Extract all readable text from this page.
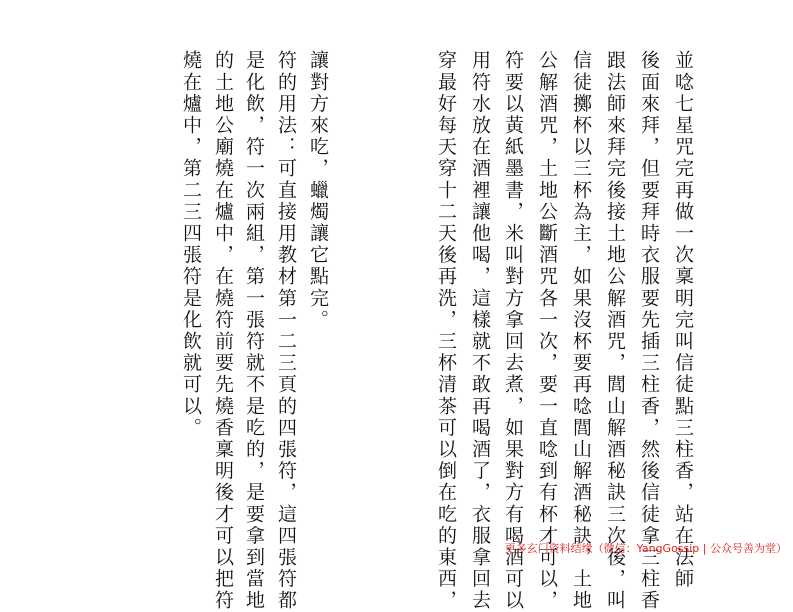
並唸七星咒完再做一次稟明完叫信徒點三柱香，站在法師
後面來拜，但要拜時衣服要先插三柱香，然後信徒拿三柱香
跟法師來拜完後接土地公解酒咒，閭山解酒秘訣三次後，叫
信徒擲杯以三杯為主，如果沒杯要再唸閭山解酒秘訣，土地
公解酒咒，土地公斷酒咒各一次，要一直唸到有杯才可以，
符要以黃紙墨書，米叫對方拿回去煮，如果對方有喝酒可以
用符水放在酒裡讓他喝，這樣就不敢再喝酒了，衣服拿回去
穿最好每天穿十二天後再洗，三杯清茶可以倒在吃的東西，
讓對方來吃，蠟燭讓它點完。
符的用法：可直接用教材第一二三頁的四張符，這四張符都
是化飲，符一次兩組，第一張符就不是吃的，是要拿到當地
的土地公廟燒在爐中，在燒符前要先燒香稟明後才可以把符
燒在爐中，第二三四張符是化飲就可以。
更多玄门资料结缘（微信：YangGossip | 公众号善为堂）
